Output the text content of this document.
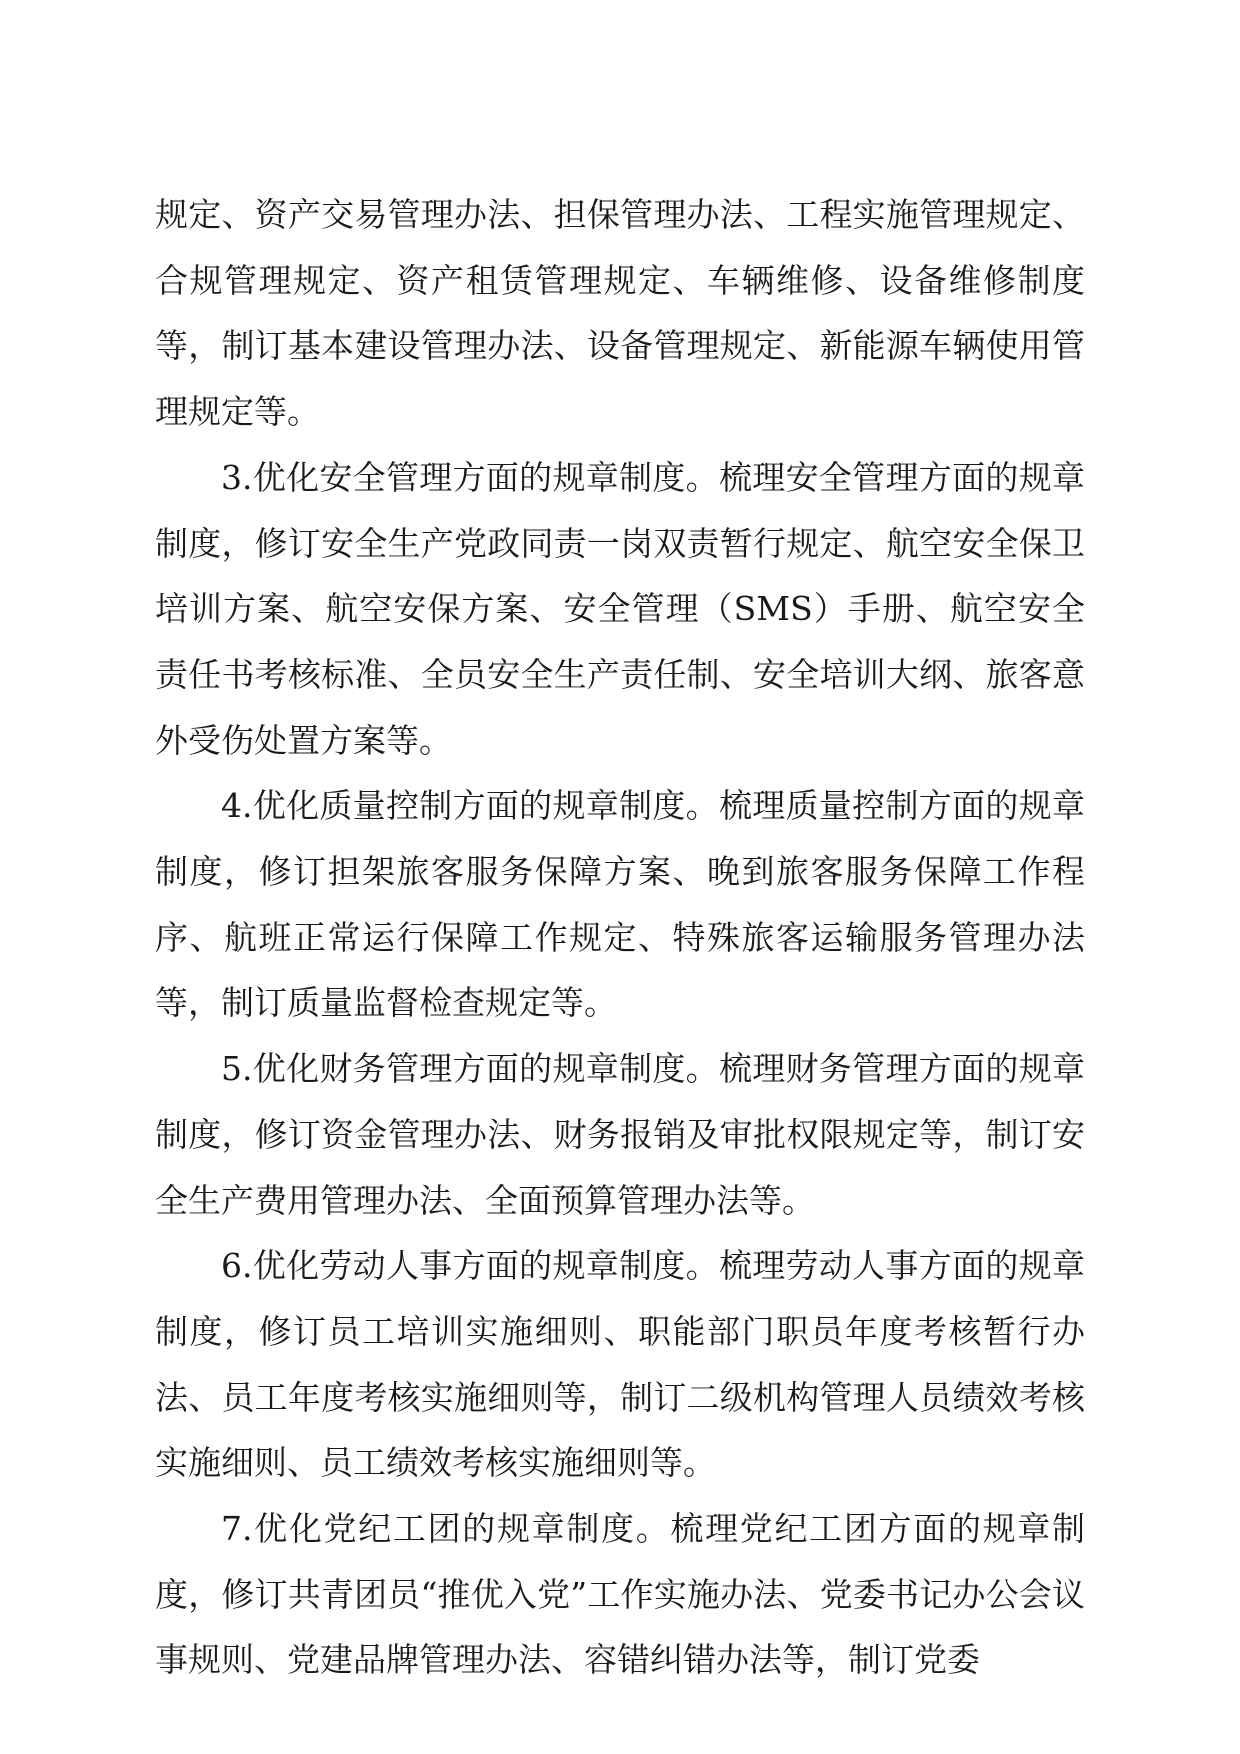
规定、资产交易管理办法、担保管理办法、工程实施管理规定、合规管理规定、资产租赁管理规定、车辆维修、设备维修制度等，制订基本建设管理办法、设备管理规定、新能源车辆使用管理规定等。

3.优化安全管理方面的规章制度。梳理安全管理方面的规章制度，修订安全生产党政同责一岗双责暂行规定、航空安全保卫培训方案、航空安保方案、安全管理（SMS）手册、航空安全责任书考核标准、全员安全生产责任制、安全培训大纲、旅客意外受伤处置方案等。

4.优化质量控制方面的规章制度。梳理质量控制方面的规章制度，修订担架旅客服务保障方案、晚到旅客服务保障工作程序、航班正常运行保障工作规定、特殊旅客运输服务管理办法等，制订质量监督检查规定等。

5.优化财务管理方面的规章制度。梳理财务管理方面的规章制度，修订资金管理办法、财务报销及审批权限规定等，制订安全生产费用管理办法、全面预算管理办法等。

6.优化劳动人事方面的规章制度。梳理劳动人事方面的规章制度，修订员工培训实施细则、职能部门职员年度考核暂行办法、员工年度考核实施细则等，制订二级机构管理人员绩效考核实施细则、员工绩效考核实施细则等。

7.优化党纪工团的规章制度。梳理党纪工团方面的规章制度，修订共青团员“推优入党”工作实施办法、党委书记办公会议事规则、党建品牌管理办法、容错纠错办法等，制订党委
